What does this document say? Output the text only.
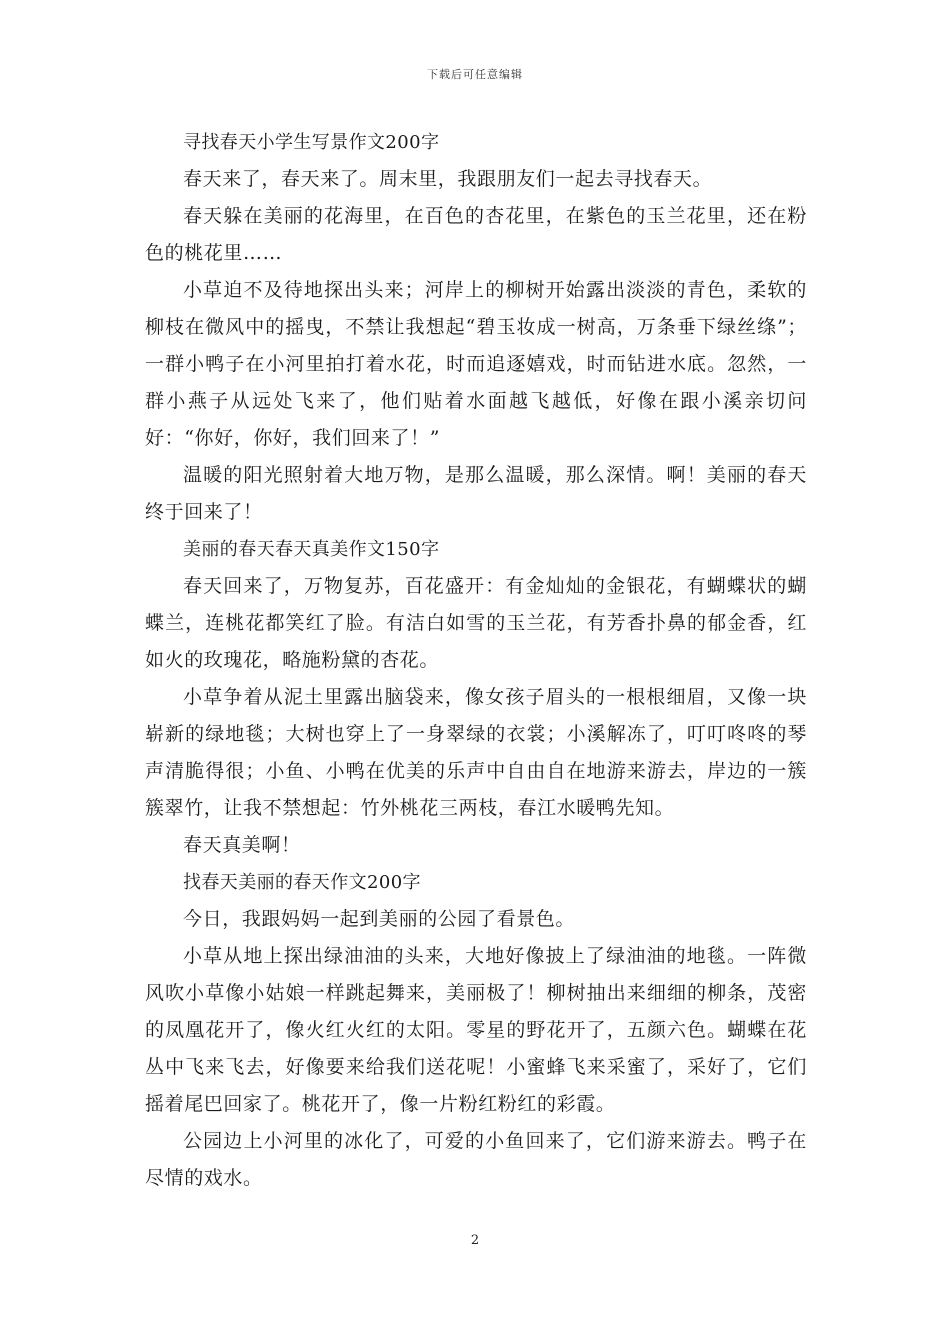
下载后可任意编辑

寻找春天小学生写景作文200字

春天来了，春天来了。周末里，我跟朋友们一起去寻找春天。

春天躲在美丽的花海里，在百色的杏花里，在紫色的玉兰花里，还在粉色的桃花里……

小草迫不及待地探出头来；河岸上的柳树开始露出淡淡的青色，柔软的柳枝在微风中的摇曳，不禁让我想起“碧玉妆成一树高，万条垂下绿丝绦”；一群小鸭子在小河里拍打着水花，时而追逐嬉戏，时而钻进水底。忽然，一群小燕子从远处飞来了，他们贴着水面越飞越低，好像在跟小溪亲切问好：“你好，你好，我们回来了！”

温暖的阳光照射着大地万物，是那么温暖，那么深情。啊！美丽的春天终于回来了！

美丽的春天春天真美作文150字

春天回来了，万物复苏，百花盛开：有金灿灿的金银花，有蝴蝶状的蝴蝶兰，连桃花都笑红了脸。有洁白如雪的玉兰花，有芳香扑鼻的郁金香，红如火的玫瑰花，略施粉黛的杏花。

小草争着从泥土里露出脑袋来，像女孩子眉头的一根根细眉，又像一块崭新的绿地毯；大树也穿上了一身翠绿的衣裳；小溪解冻了，叮叮咚咚的琴声清脆得很；小鱼、小鸭在优美的乐声中自由自在地游来游去，岸边的一簇簇翠竹，让我不禁想起：竹外桃花三两枝，春江水暖鸭先知。

春天真美啊！

找春天美丽的春天作文200字

今日，我跟妈妈一起到美丽的公园了看景色。

小草从地上探出绿油油的头来，大地好像披上了绿油油的地毯。一阵微风吹小草像小姑娘一样跳起舞来，美丽极了！柳树抽出来细细的柳条，茂密的凤凰花开了，像火红火红的太阳。零星的野花开了，五颜六色。蝴蝶在花丛中飞来飞去，好像要来给我们送花呢！小蜜蜂飞来采蜜了，采好了，它们摇着尾巴回家了。桃花开了，像一片粉红粉红的彩霞。

公园边上小河里的冰化了，可爱的小鱼回来了，它们游来游去。鸭子在尽情的戏水。

2
